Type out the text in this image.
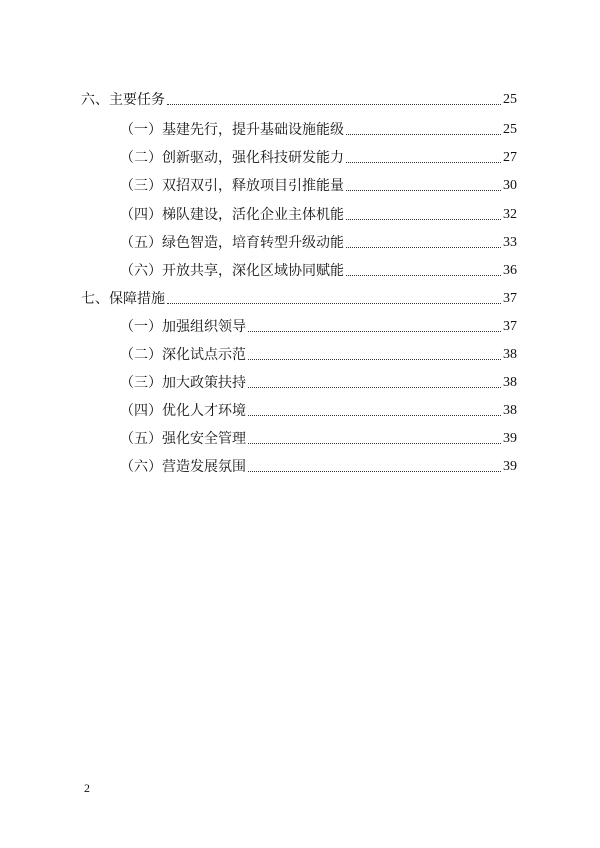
六、主要任务	25
（一）基建先行，提升基础设施能级	25
（二）创新驱动，强化科技研发能力	27
（三）双招双引，释放项目引推能量	30
（四）梯队建设，活化企业主体机能	32
（五）绿色智造，培育转型升级动能	33
（六）开放共享，深化区域协同赋能	36
七、保障措施	37
（一）加强组织领导	37
（二）深化试点示范	38
（三）加大政策扶持	38
（四）优化人才环境	38
（五）强化安全管理	39
（六）营造发展氛围	39
2
